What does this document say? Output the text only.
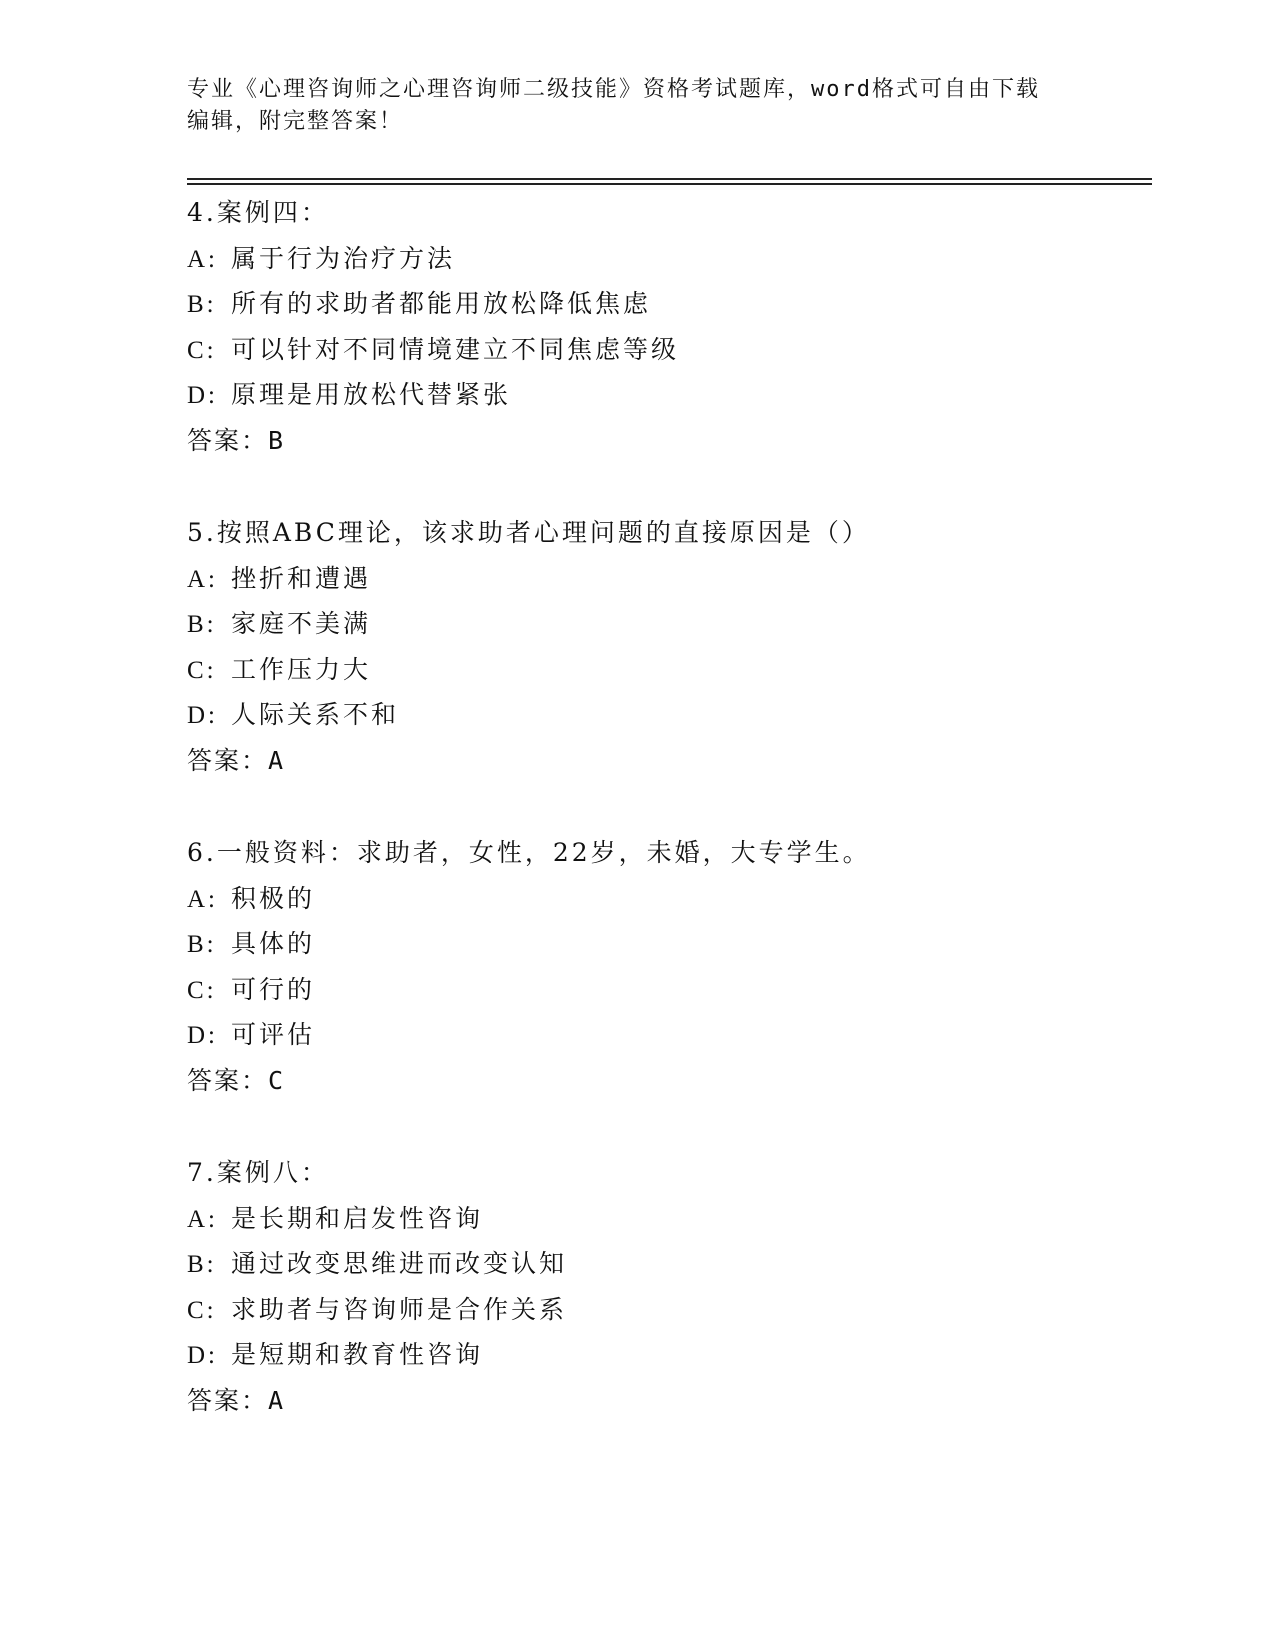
专业《心理咨询师之心理咨询师二级技能》资格考试题库，word格式可自由下载
编辑，附完整答案！
4.案例四：
A: 属于行为治疗方法
B: 所有的求助者都能用放松降低焦虑
C: 可以针对不同情境建立不同焦虑等级
D: 原理是用放松代替紧张
答案：B
5.按照ABC理论，该求助者心理问题的直接原因是（）
A: 挫折和遭遇
B: 家庭不美满
C: 工作压力大
D: 人际关系不和
答案：A
6.一般资料：求助者，女性，22岁，未婚，大专学生。
A: 积极的
B: 具体的
C: 可行的
D: 可评估
答案：C
7.案例八：
A: 是长期和启发性咨询
B: 通过改变思维进而改变认知
C: 求助者与咨询师是合作关系
D: 是短期和教育性咨询
答案：A
